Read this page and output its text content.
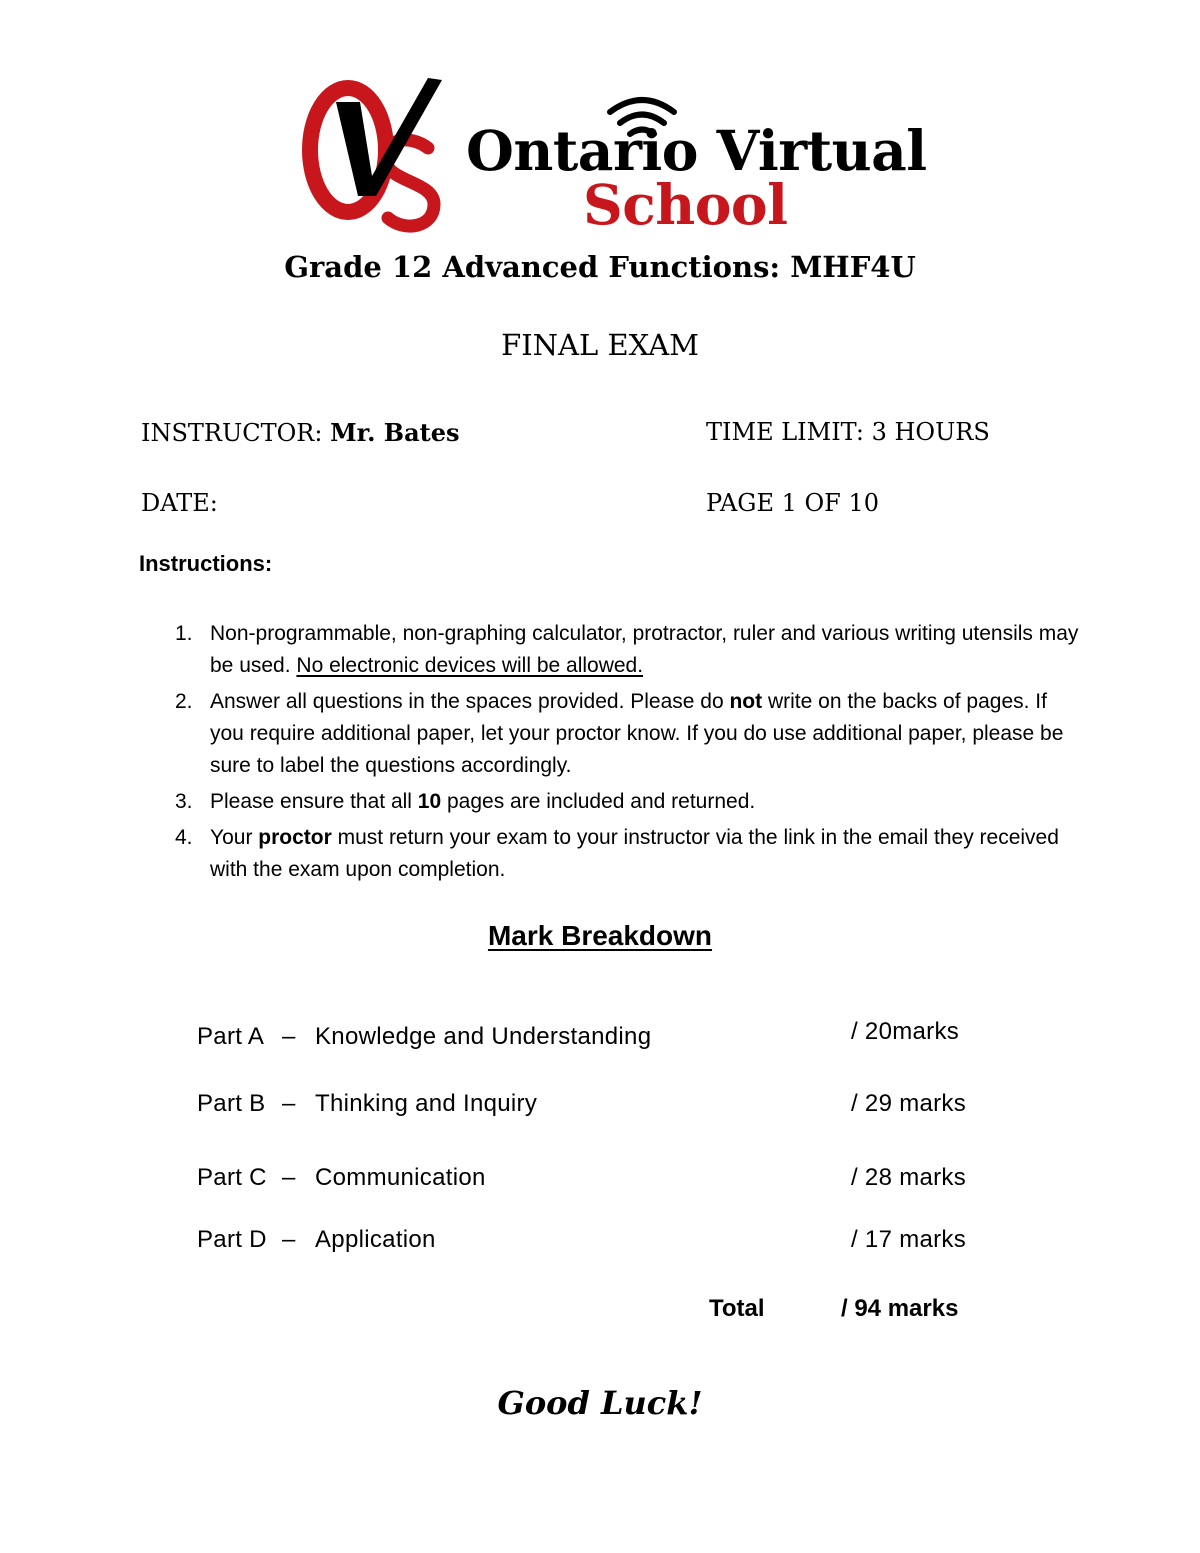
Ontario Virtual
School
Grade 12 Advanced Functions: MHF4U
FINAL EXAM
INSTRUCTOR: Mr. Bates	TIME LIMIT: 3 HOURS
DATE:	PAGE 1 OF 10
Instructions:
1. Non-programmable, non-graphing calculator, protractor, ruler and various writing utensils may be used. No electronic devices will be allowed.
2. Answer all questions in the spaces provided. Please do not write on the backs of pages. If you require additional paper, let your proctor know. If you do use additional paper, please be sure to label the questions accordingly.
3. Please ensure that all 10 pages are included and returned.
4. Your proctor must return your exam to your instructor via the link in the email they received with the exam upon completion.
Mark Breakdown
Part A – Knowledge and Understanding	/ 20marks
Part B – Thinking and Inquiry	/ 29 marks
Part C – Communication	/ 28 marks
Part D – Application	/ 17 marks
Total	/ 94 marks
Good Luck!
